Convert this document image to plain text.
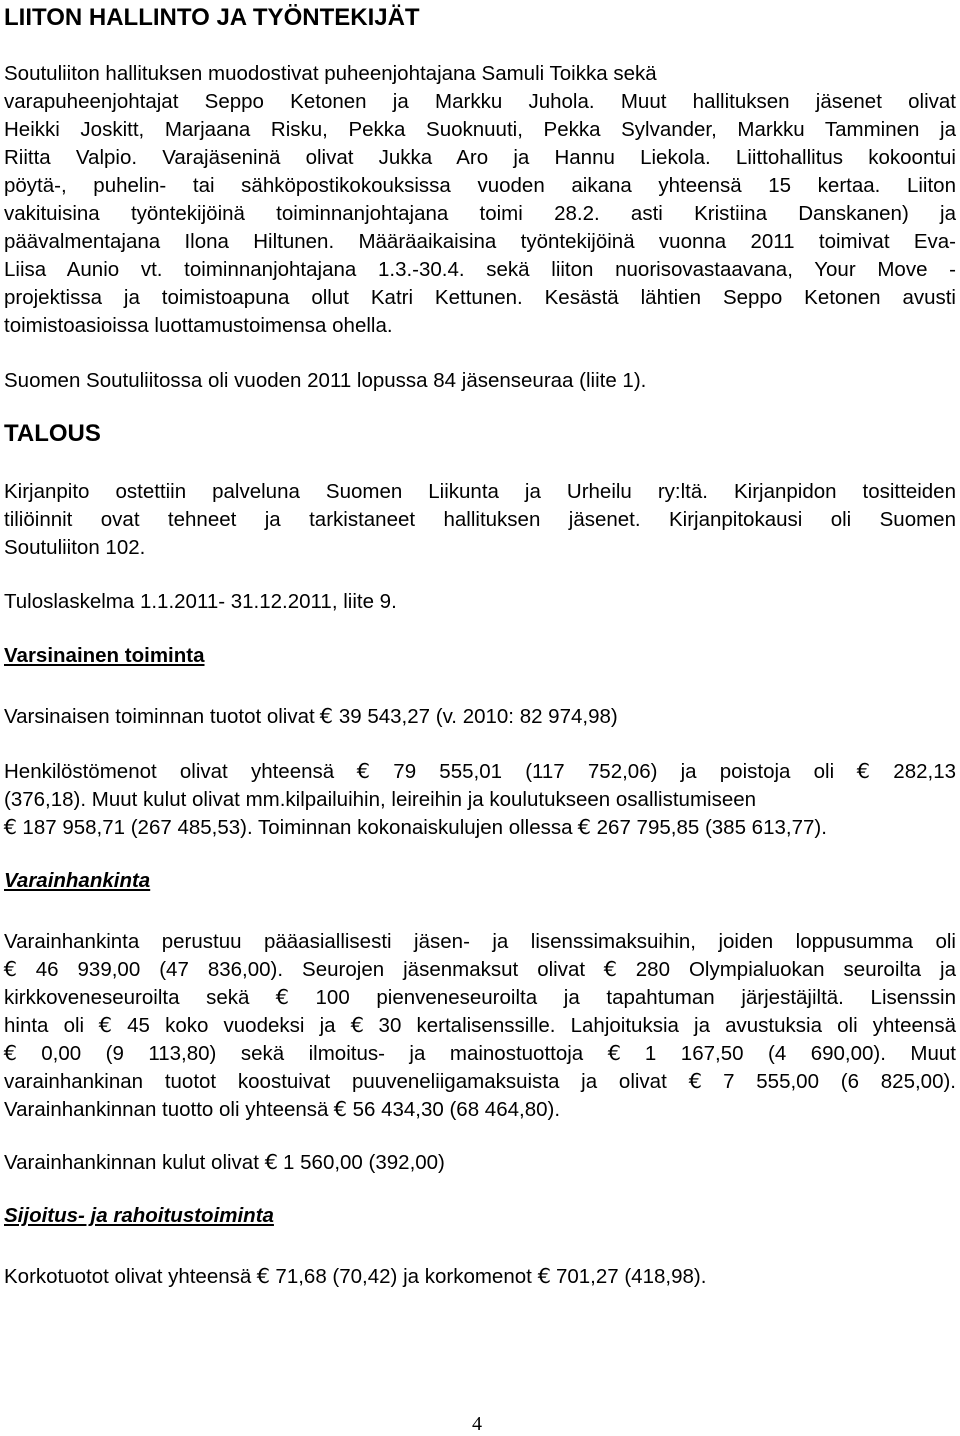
LIITON HALLINTO JA TYÖNTEKIJÄT
Soutuliiton hallituksen muodostivat puheenjohtajana Samuli Toikka sekä
varapuheenjohtajat Seppo Ketonen ja Markku Juhola. Muut hallituksen jäsenet olivat
Heikki Joskitt, Marjaana Risku, Pekka Suoknuuti, Pekka Sylvander, Markku Tamminen ja
Riitta Valpio. Varajäseninä olivat Jukka Aro ja Hannu Liekola. Liittohallitus kokoontui
pöytä-, puhelin- tai sähköpostikokouksissa vuoden aikana yhteensä 15 kertaa. Liiton
vakituisina työntekijöinä toiminnanjohtajana toimi 28.2. asti Kristiina Danskanen) ja
päävalmentajana Ilona Hiltunen. Määräaikaisina työntekijöinä vuonna 2011 toimivat Eva-
Liisa Aunio vt. toiminnanjohtajana 1.3.-30.4. sekä liiton nuorisovastaavana, Your Move -
projektissa ja toimistoapuna ollut Katri Kettunen. Kesästä lähtien Seppo Ketonen avusti
toimistoasioissa luottamustoimensa ohella.
Suomen Soutuliitossa oli vuoden 2011 lopussa 84 jäsenseuraa (liite 1).
TALOUS
Kirjanpito ostettiin palveluna Suomen Liikunta ja Urheilu ry:ltä. Kirjanpidon tositteiden
tiliöinnit ovat tehneet ja tarkistaneet hallituksen jäsenet. Kirjanpitokausi oli Suomen
Soutuliiton 102.
Tuloslaskelma 1.1.2011- 31.12.2011, liite 9.
Varsinainen toiminta
Varsinaisen toiminnan tuotot olivat € 39 543,27 (v. 2010: 82 974,98)
Henkilöstömenot olivat yhteensä € 79 555,01 (117 752,06) ja poistoja oli € 282,13
(376,18). Muut kulut olivat mm.kilpailuihin, leireihin ja koulutukseen osallistumiseen
€ 187 958,71 (267 485,53). Toiminnan kokonaiskulujen ollessa € 267 795,85 (385 613,77).
Varainhankinta
Varainhankinta perustuu pääasiallisesti jäsen- ja lisenssimaksuihin, joiden loppusumma oli
€ 46 939,00 (47 836,00). Seurojen jäsenmaksut olivat € 280 Olympialuokan seuroilta ja
kirkkoveneseuroilta sekä € 100 pienveneseuroilta ja tapahtuman järjestäjiltä. Lisenssin
hinta oli € 45 koko vuodeksi ja € 30 kertalisenssille. Lahjoituksia ja avustuksia oli yhteensä
€ 0,00 (9 113,80) sekä ilmoitus- ja mainostuottoja € 1 167,50 (4 690,00). Muut
varainhankinan tuotot koostuivat puuveneliigamaksuista ja olivat € 7 555,00 (6 825,00).
Varainhankinnan tuotto oli yhteensä € 56 434,30 (68 464,80).
Varainhankinnan kulut olivat € 1 560,00 (392,00)
Sijoitus- ja rahoitustoiminta
Korkotuotot olivat yhteensä € 71,68 (70,42) ja korkomenot € 701,27 (418,98).
4
